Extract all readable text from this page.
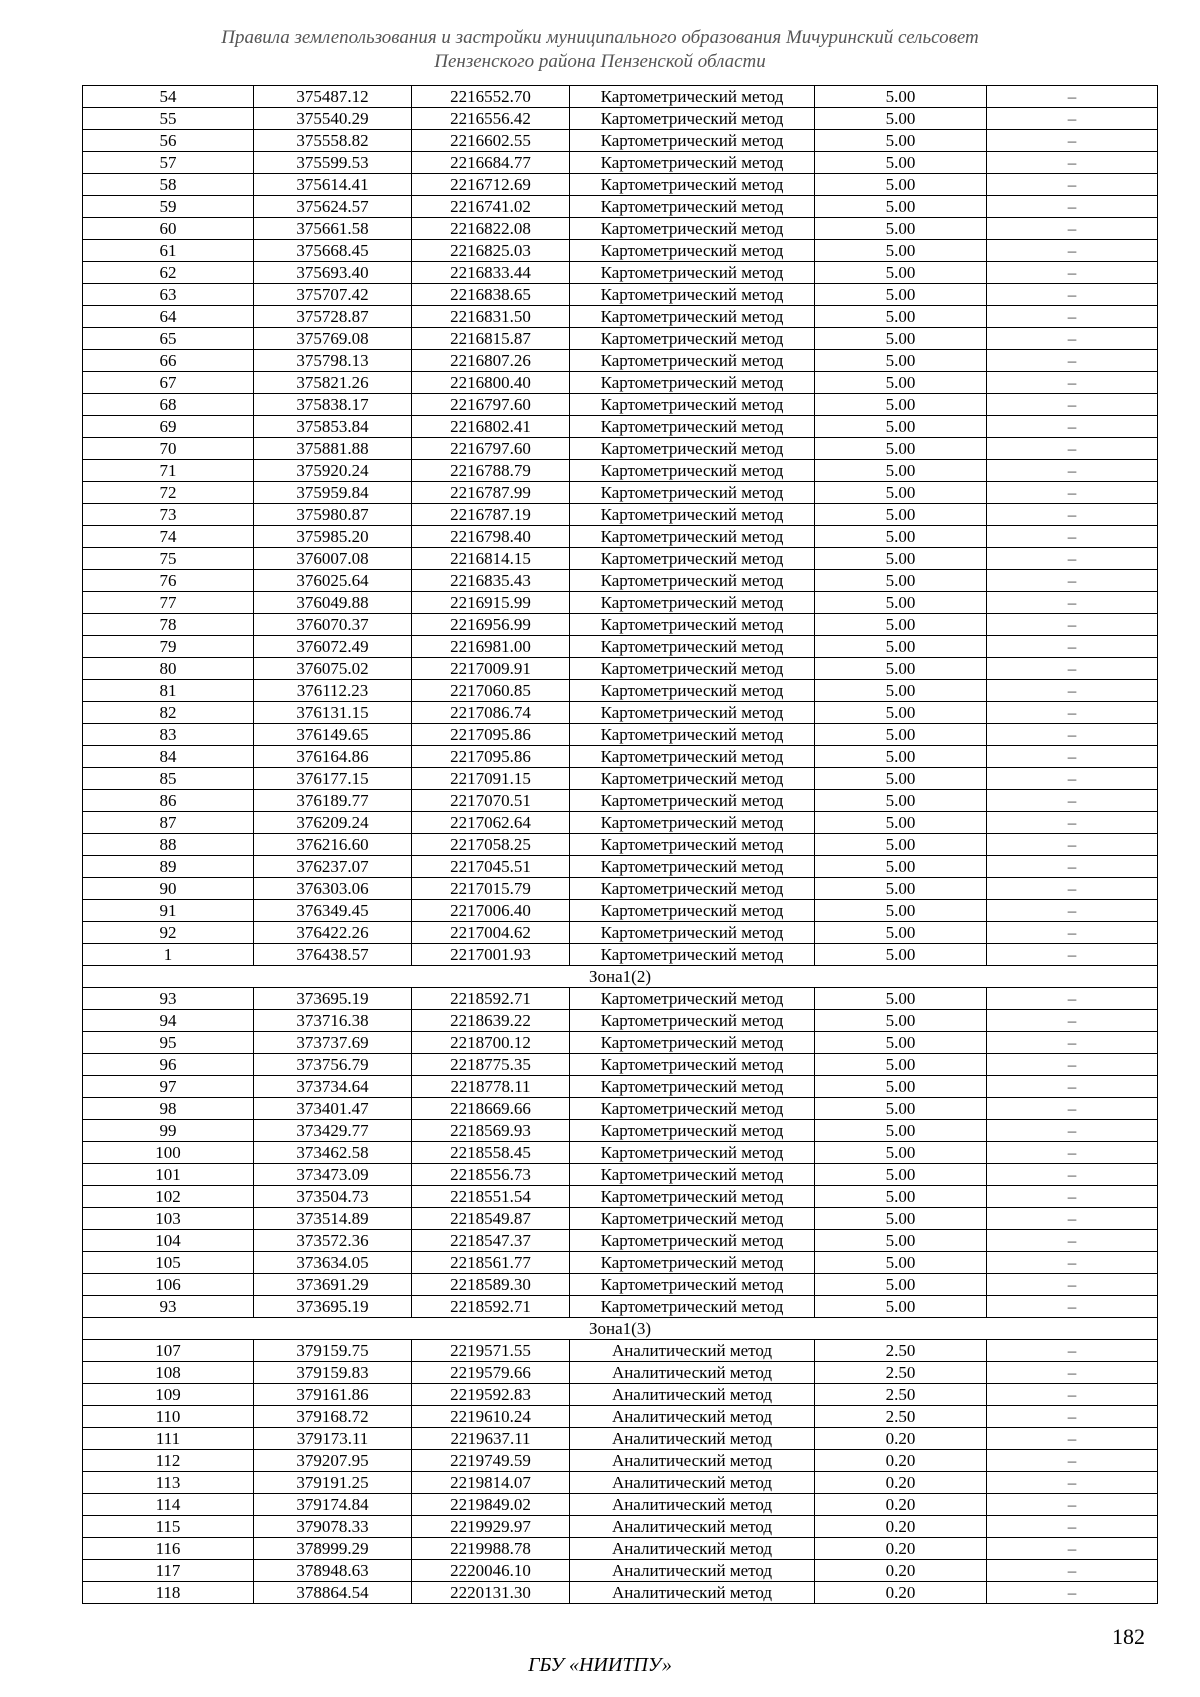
Правила землепользования и застройки муниципального образования Мичуринский сельсовет
Пензенского района Пензенской области
54	375487.12	2216552.70	Картометрический метод	5.00	–
55	375540.29	2216556.42	Картометрический метод	5.00	–
56	375558.82	2216602.55	Картометрический метод	5.00	–
57	375599.53	2216684.77	Картометрический метод	5.00	–
58	375614.41	2216712.69	Картометрический метод	5.00	–
59	375624.57	2216741.02	Картометрический метод	5.00	–
60	375661.58	2216822.08	Картометрический метод	5.00	–
61	375668.45	2216825.03	Картометрический метод	5.00	–
62	375693.40	2216833.44	Картометрический метод	5.00	–
63	375707.42	2216838.65	Картометрический метод	5.00	–
64	375728.87	2216831.50	Картометрический метод	5.00	–
65	375769.08	2216815.87	Картометрический метод	5.00	–
66	375798.13	2216807.26	Картометрический метод	5.00	–
67	375821.26	2216800.40	Картометрический метод	5.00	–
68	375838.17	2216797.60	Картометрический метод	5.00	–
69	375853.84	2216802.41	Картометрический метод	5.00	–
70	375881.88	2216797.60	Картометрический метод	5.00	–
71	375920.24	2216788.79	Картометрический метод	5.00	–
72	375959.84	2216787.99	Картометрический метод	5.00	–
73	375980.87	2216787.19	Картометрический метод	5.00	–
74	375985.20	2216798.40	Картометрический метод	5.00	–
75	376007.08	2216814.15	Картометрический метод	5.00	–
76	376025.64	2216835.43	Картометрический метод	5.00	–
77	376049.88	2216915.99	Картометрический метод	5.00	–
78	376070.37	2216956.99	Картометрический метод	5.00	–
79	376072.49	2216981.00	Картометрический метод	5.00	–
80	376075.02	2217009.91	Картометрический метод	5.00	–
81	376112.23	2217060.85	Картометрический метод	5.00	–
82	376131.15	2217086.74	Картометрический метод	5.00	–
83	376149.65	2217095.86	Картометрический метод	5.00	–
84	376164.86	2217095.86	Картометрический метод	5.00	–
85	376177.15	2217091.15	Картометрический метод	5.00	–
86	376189.77	2217070.51	Картометрический метод	5.00	–
87	376209.24	2217062.64	Картометрический метод	5.00	–
88	376216.60	2217058.25	Картометрический метод	5.00	–
89	376237.07	2217045.51	Картометрический метод	5.00	–
90	376303.06	2217015.79	Картометрический метод	5.00	–
91	376349.45	2217006.40	Картометрический метод	5.00	–
92	376422.26	2217004.62	Картометрический метод	5.00	–
1	376438.57	2217001.93	Картометрический метод	5.00	–
Зона1(2)					
93	373695.19	2218592.71	Картометрический метод	5.00	–
94	373716.38	2218639.22	Картометрический метод	5.00	–
95	373737.69	2218700.12	Картометрический метод	5.00	–
96	373756.79	2218775.35	Картометрический метод	5.00	–
97	373734.64	2218778.11	Картометрический метод	5.00	–
98	373401.47	2218669.66	Картометрический метод	5.00	–
99	373429.77	2218569.93	Картометрический метод	5.00	–
100	373462.58	2218558.45	Картометрический метод	5.00	–
101	373473.09	2218556.73	Картометрический метод	5.00	–
102	373504.73	2218551.54	Картометрический метод	5.00	–
103	373514.89	2218549.87	Картометрический метод	5.00	–
104	373572.36	2218547.37	Картометрический метод	5.00	–
105	373634.05	2218561.77	Картометрический метод	5.00	–
106	373691.29	2218589.30	Картометрический метод	5.00	–
93	373695.19	2218592.71	Картометрический метод	5.00	–
Зона1(3)					
107	379159.75	2219571.55	Аналитический метод	2.50	–
108	379159.83	2219579.66	Аналитический метод	2.50	–
109	379161.86	2219592.83	Аналитический метод	2.50	–
110	379168.72	2219610.24	Аналитический метод	2.50	–
111	379173.11	2219637.11	Аналитический метод	0.20	–
112	379207.95	2219749.59	Аналитический метод	0.20	–
113	379191.25	2219814.07	Аналитический метод	0.20	–
114	379174.84	2219849.02	Аналитический метод	0.20	–
115	379078.33	2219929.97	Аналитический метод	0.20	–
116	378999.29	2219988.78	Аналитический метод	0.20	–
117	378948.63	2220046.10	Аналитический метод	0.20	–
118	378864.54	2220131.30	Аналитический метод	0.20	–
182
ГБУ «НИИТПУ»
